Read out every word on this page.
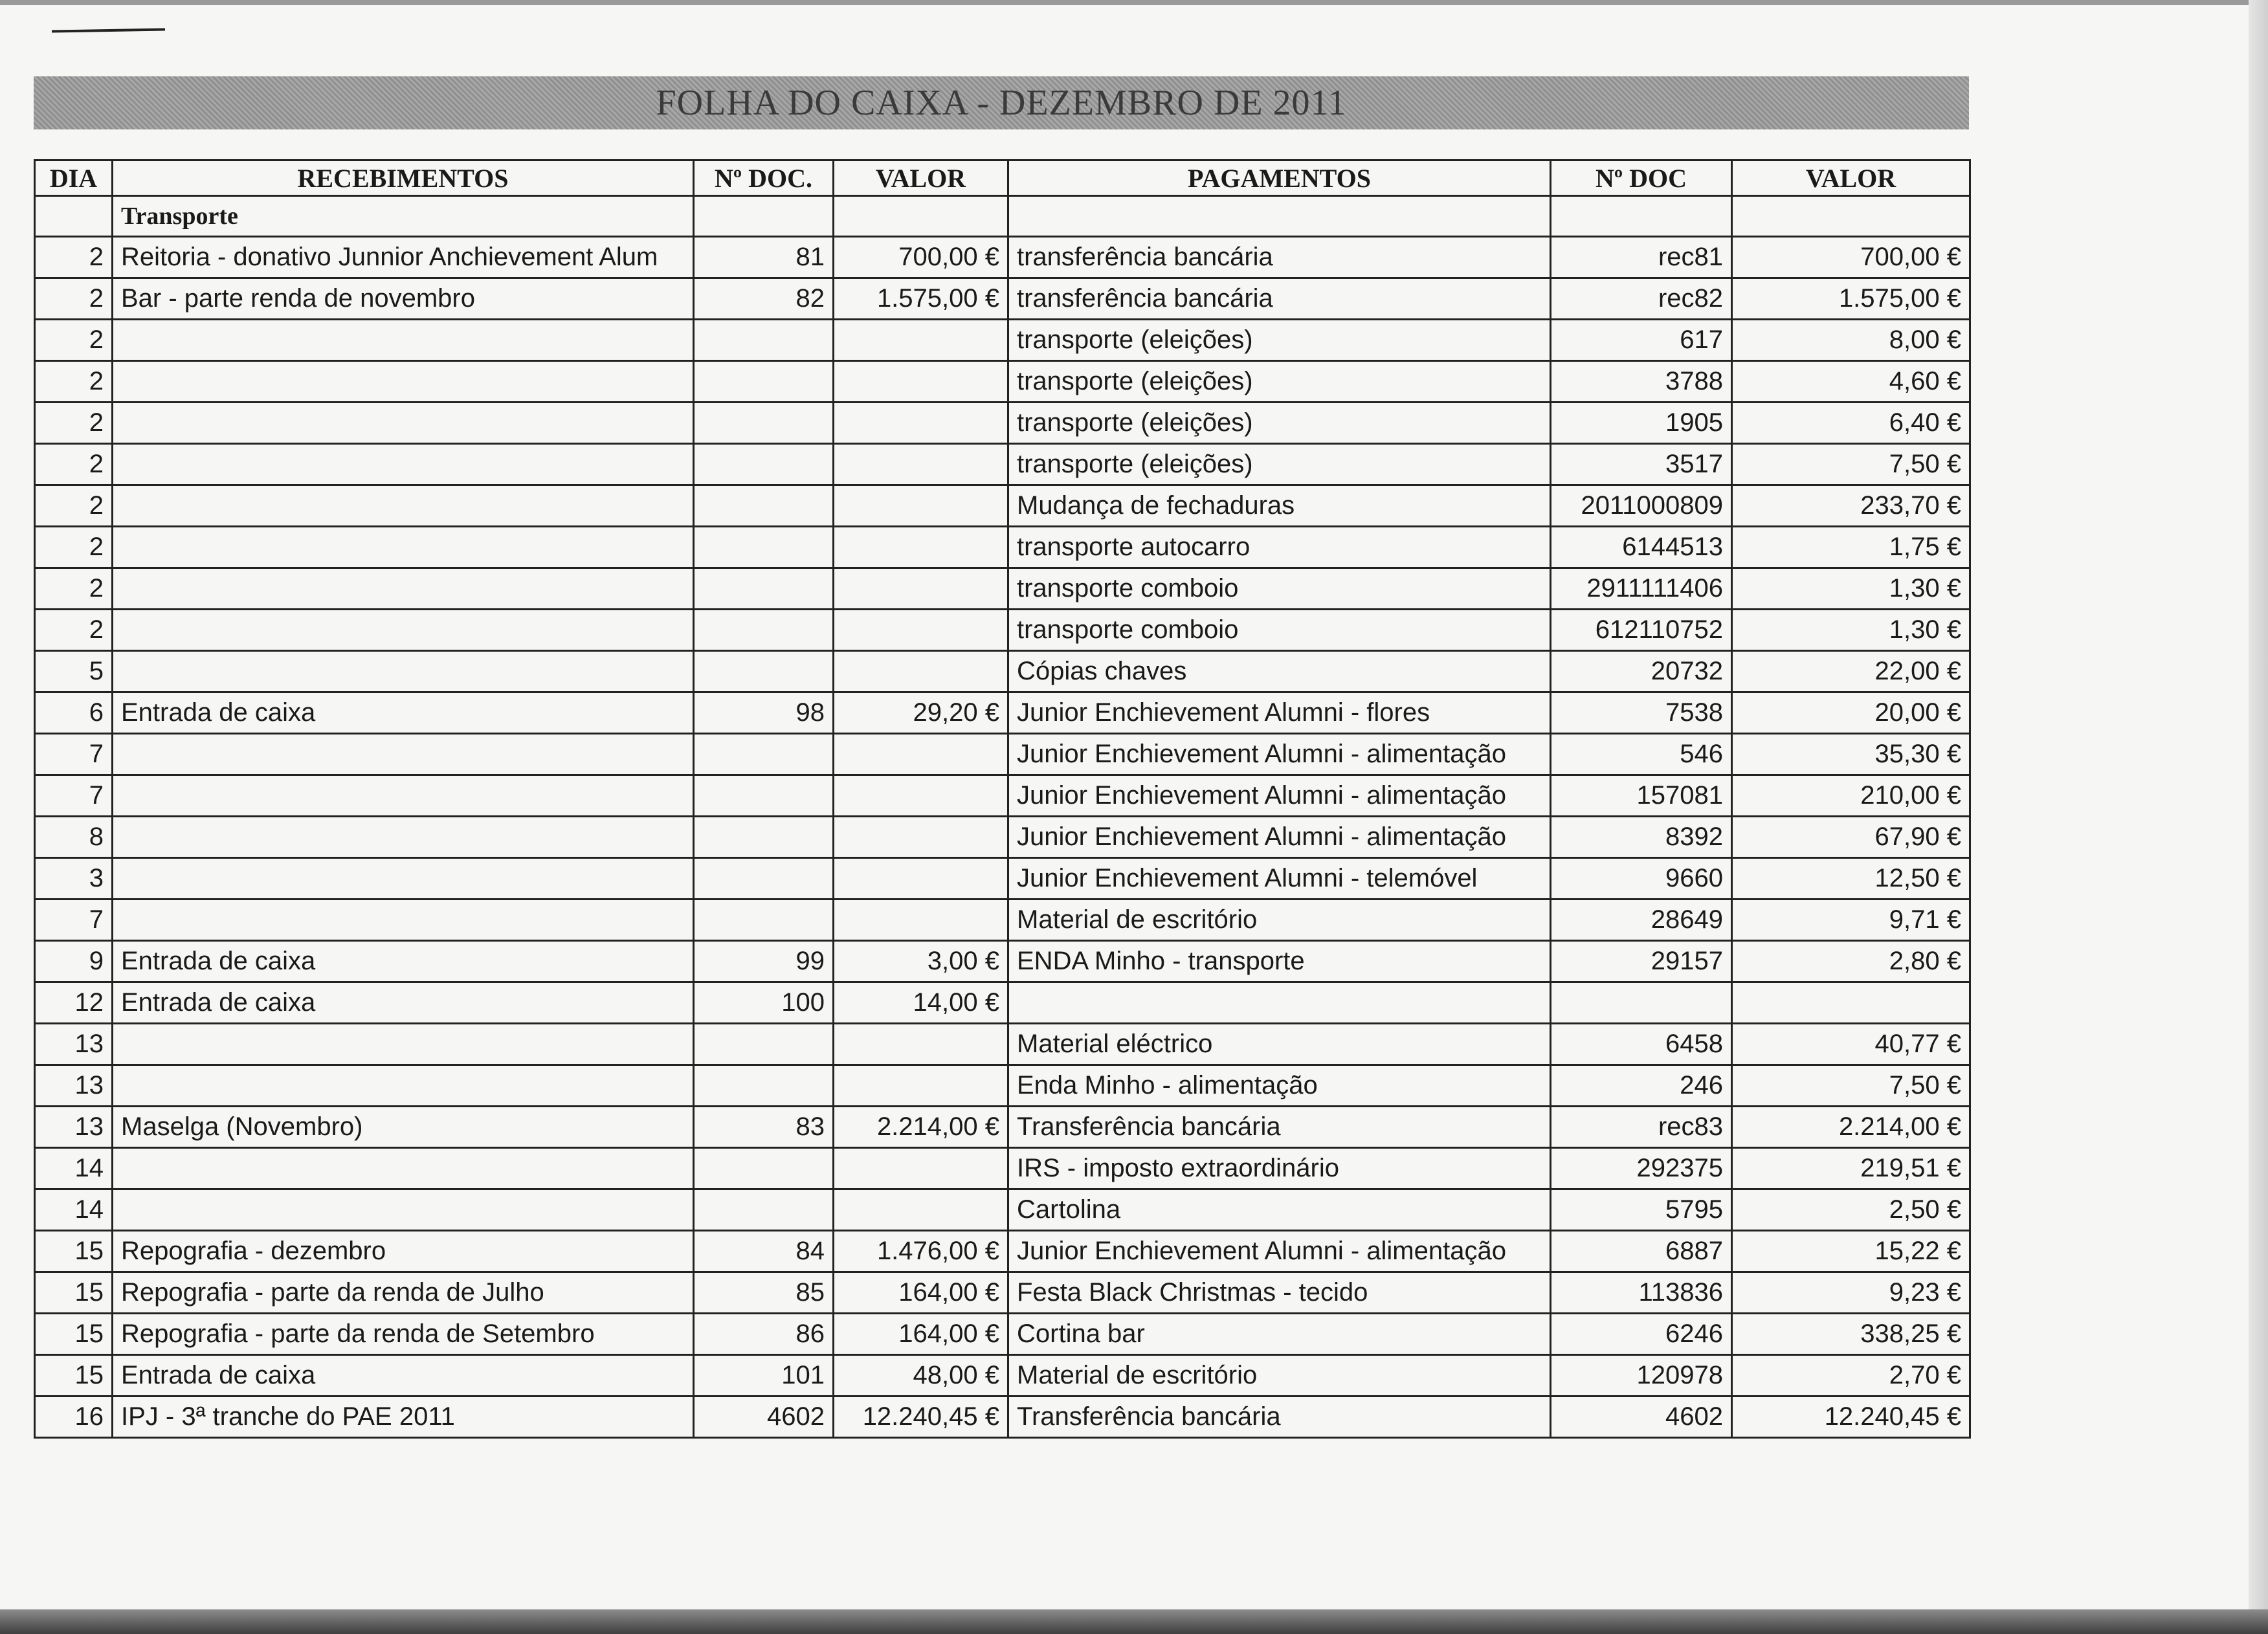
FOLHA DO CAIXA - DEZEMBRO DE 2011
DIA	RECEBIMENTOS	Nº DOC.	VALOR	PAGAMENTOS	Nº DOC	VALOR
	Transporte					
2	Reitoria - donativo Junnior Anchievement Alum	81	700,00 €	transferência bancária	rec81	700,00 €
2	Bar - parte renda de novembro	82	1.575,00 €	transferência bancária	rec82	1.575,00 €
2				transporte (eleições)	617	8,00 €
2				transporte (eleições)	3788	4,60 €
2				transporte (eleições)	1905	6,40 €
2				transporte (eleições)	3517	7,50 €
2				Mudança de fechaduras	2011000809	233,70 €
2				transporte autocarro	6144513	1,75 €
2				transporte comboio	2911111406	1,30 €
2				transporte comboio	612110752	1,30 €
5				Cópias chaves	20732	22,00 €
6	Entrada de caixa	98	29,20 €	Junior Enchievement Alumni - flores	7538	20,00 €
7				Junior Enchievement Alumni - alimentação	546	35,30 €
7				Junior Enchievement Alumni - alimentação	157081	210,00 €
8				Junior Enchievement Alumni - alimentação	8392	67,90 €
3				Junior Enchievement Alumni - telemóvel	9660	12,50 €
7				Material de escritório	28649	9,71 €
9	Entrada de caixa	99	3,00 €	ENDA Minho - transporte	29157	2,80 €
12	Entrada de caixa	100	14,00 €			
13				Material eléctrico	6458	40,77 €
13				Enda Minho - alimentação	246	7,50 €
13	Maselga (Novembro)	83	2.214,00 €	Transferência bancária	rec83	2.214,00 €
14				IRS - imposto extraordinário	292375	219,51 €
14				Cartolina	5795	2,50 €
15	Repografia - dezembro	84	1.476,00 €	Junior Enchievement Alumni - alimentação	6887	15,22 €
15	Repografia - parte da renda de Julho	85	164,00 €	Festa Black Christmas - tecido	113836	9,23 €
15	Repografia - parte da renda de Setembro	86	164,00 €	Cortina bar	6246	338,25 €
15	Entrada de caixa	101	48,00 €	Material de escritório	120978	2,70 €
16	IPJ - 3ª tranche do PAE 2011	4602	12.240,45 €	Transferência bancária	4602	12.240,45 €
